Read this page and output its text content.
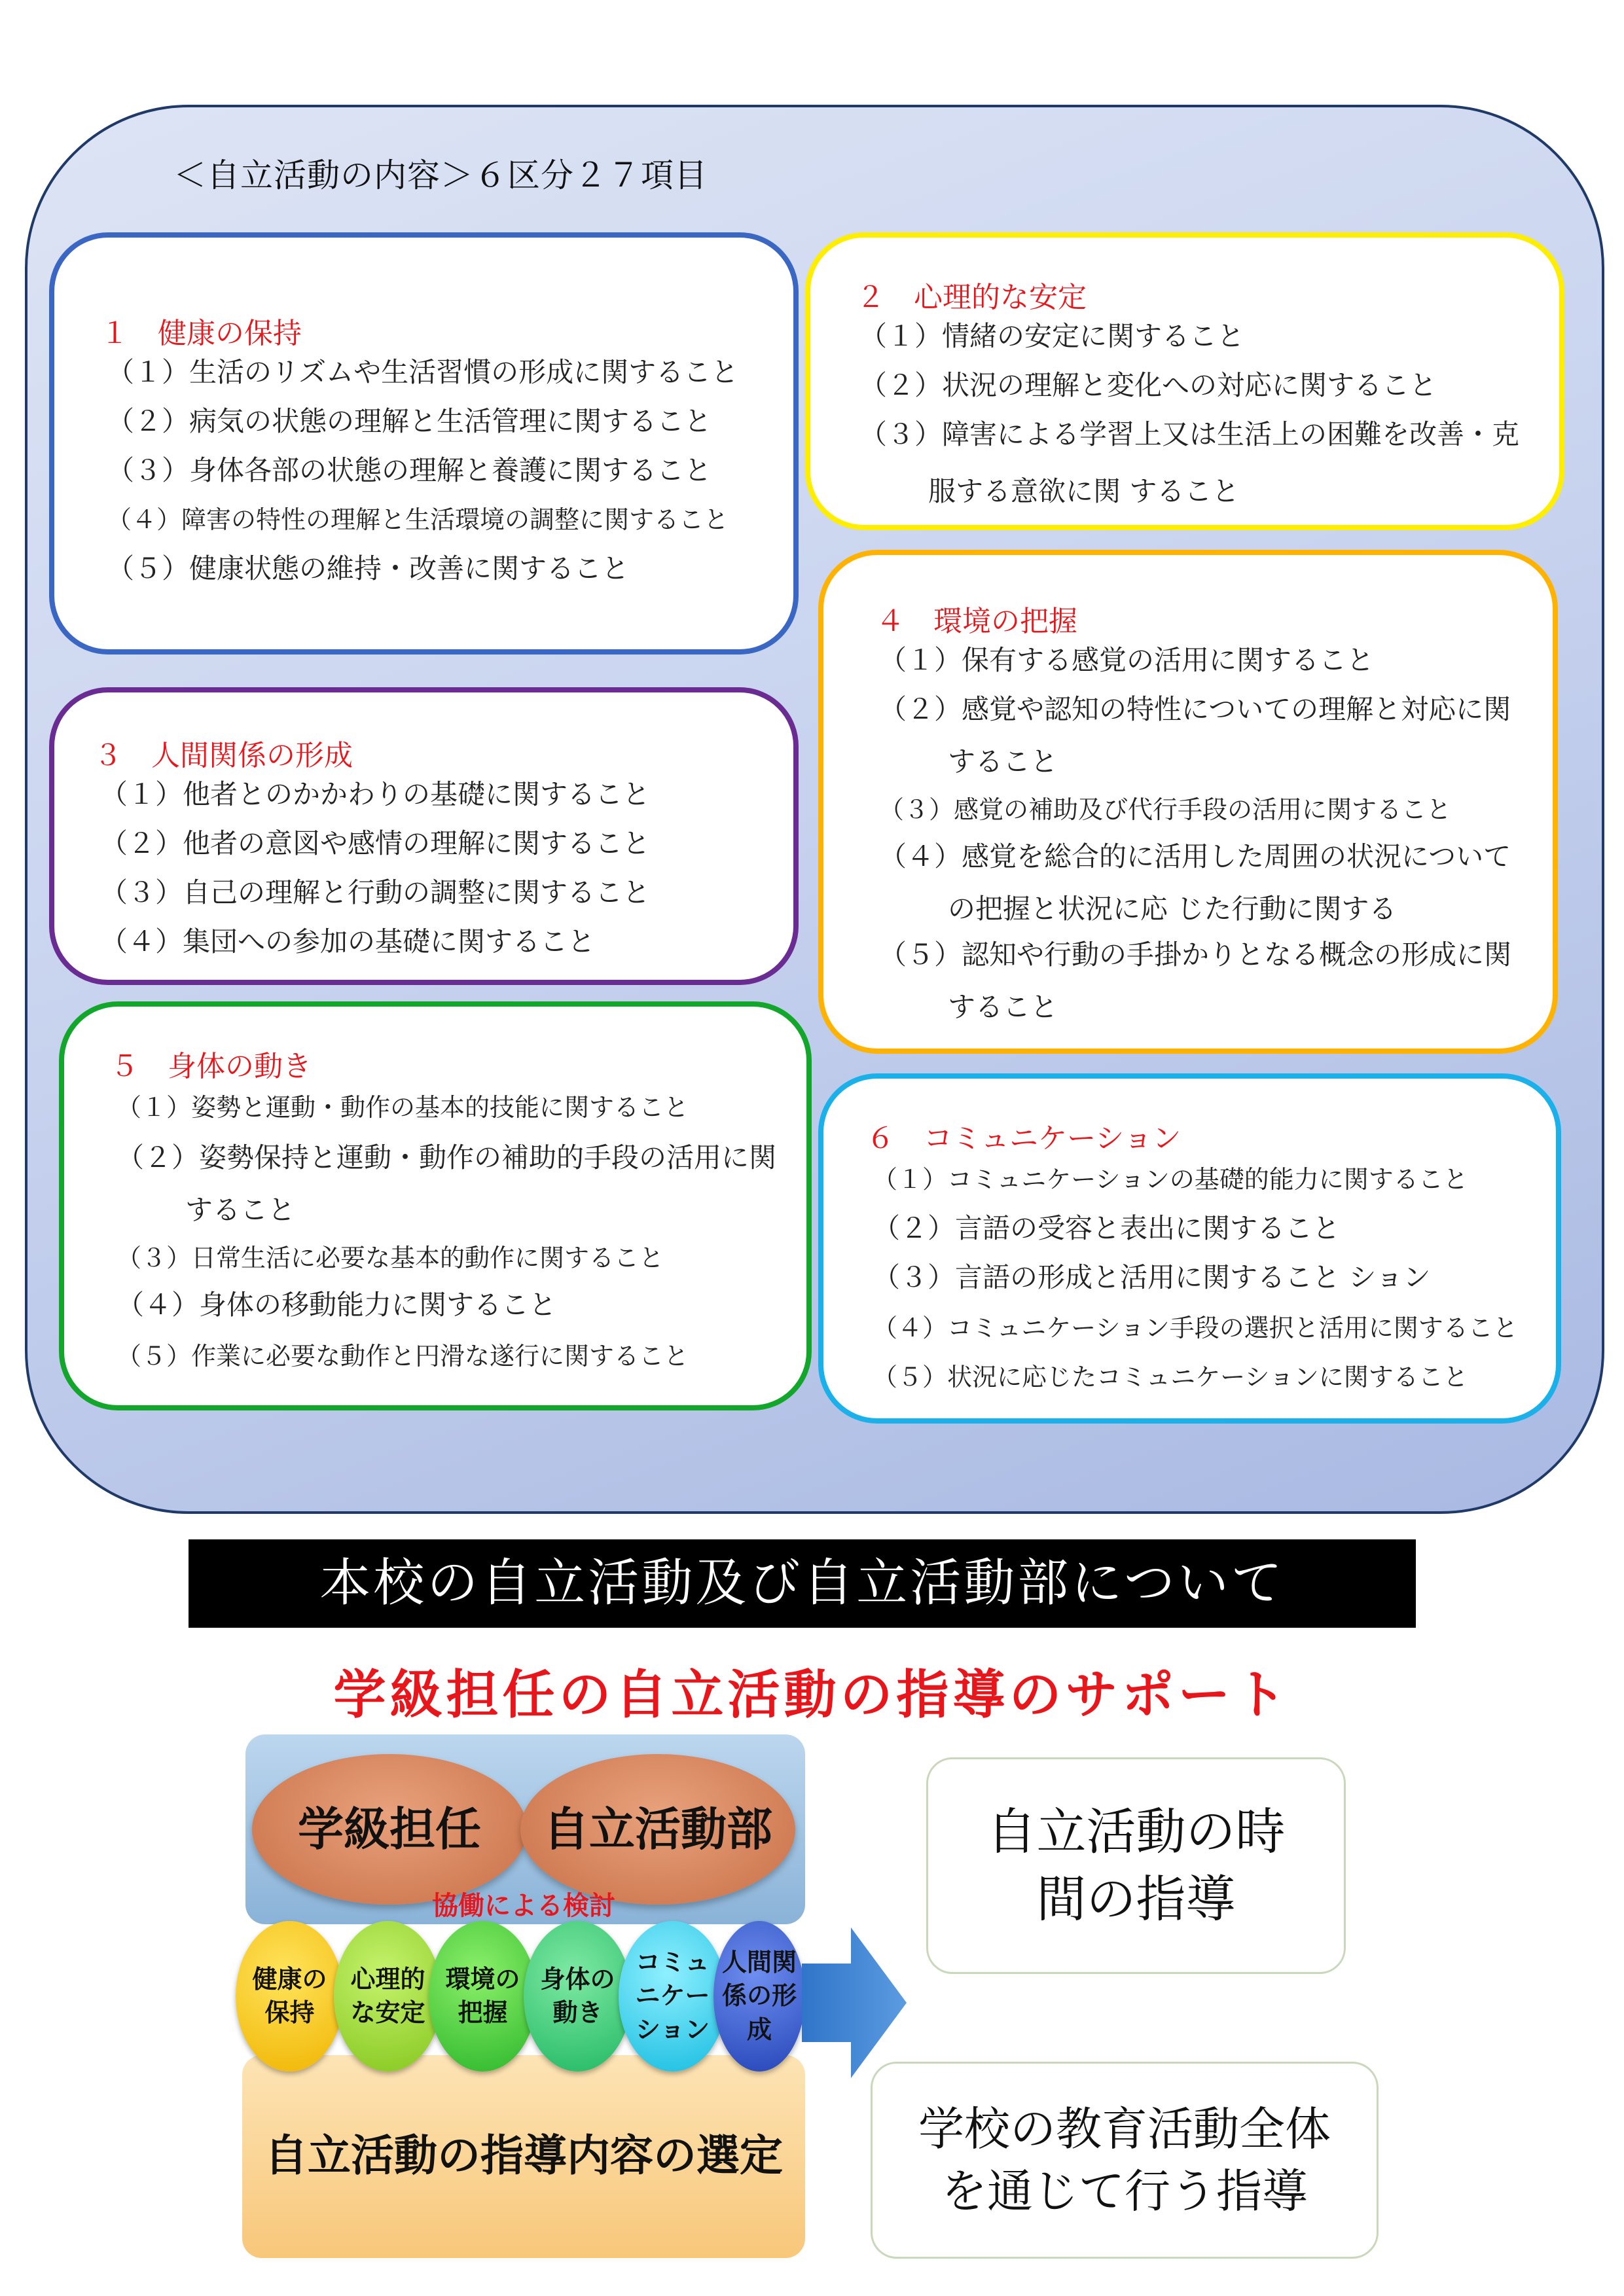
＜自立活動の内容＞６区分２７項目
１　健康の保持
（１）生活のリズムや生活習慣の形成に関すること
（２）病気の状態の理解と生活管理に関すること
（３）身体各部の状態の理解と養護に関すること
（４）障害の特性の理解と生活環境の調整に関すること
（５）健康状態の維持・改善に関すること
２　心理的な安定
（１）情緒の安定に関すること
（２）状況の理解と変化への対応に関すること
（３）障害による学習上又は生活上の困難を改善・克
服する意欲に関 すること
３　人間関係の形成
（１）他者とのかかわりの基礎に関すること
（２）他者の意図や感情の理解に関すること
（３）自己の理解と行動の調整に関すること
（４）集団への参加の基礎に関すること
４　環境の把握
（１）保有する感覚の活用に関すること
（２）感覚や認知の特性についての理解と対応に関
すること
（３）感覚の補助及び代行手段の活用に関すること
（４）感覚を総合的に活用した周囲の状況について
の把握と状況に応 じた行動に関する
（５）認知や行動の手掛かりとなる概念の形成に関
すること
５　身体の動き
（１）姿勢と運動・動作の基本的技能に関すること
（２）姿勢保持と運動・動作の補助的手段の活用に関
すること
（３）日常生活に必要な基本的動作に関すること
（４）身体の移動能力に関すること
（５）作業に必要な動作と円滑な遂行に関すること
６　コミュニケーション
（１）コミュニケーションの基礎的能力に関すること
（２）言語の受容と表出に関すること
（３）言語の形成と活用に関すること ション
（４）コミュニケーション手段の選択と活用に関すること
（５）状況に応じたコミュニケーションに関すること
本校の自立活動及び自立活動部について
学級担任の自立活動の指導のサポート
学級担任	自立活動部
協働による検討
健康の
保持
心理的
な安定
環境の
把握
身体の
動き
コミュ
ニケー
ション
人間関
係の形
成
自立活動の指導内容の選定
自立活動の時
間の指導
学校の教育活動全体
を通じて行う指導
